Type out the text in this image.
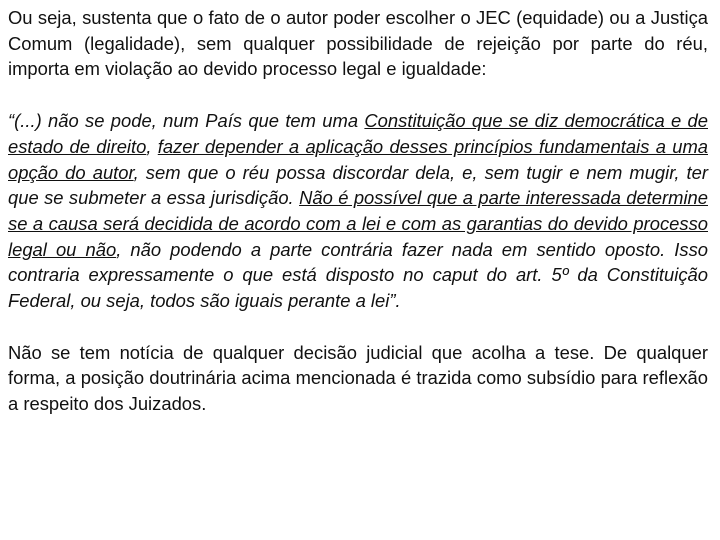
Ou seja, sustenta que o fato de o autor poder escolher o JEC (equidade) ou a Justiça Comum (legalidade), sem qualquer possibilidade de rejeição por parte do réu, importa em violação ao devido processo legal e igualdade:

“(...) não se pode, num País que tem uma Constituição que se diz democrática e de estado de direito, fazer depender a aplicação desses princípios fundamentais a uma opção do autor, sem que o réu possa discordar dela, e, sem tugir e nem mugir, ter que se submeter a essa jurisdição. Não é possível que a parte interessada determine se a causa será decidida de acordo com a lei e com as garantias do devido processo legal ou não, não podendo a parte contrária fazer nada em sentido oposto. Isso contraria expressamente o que está disposto no caput do art. 5º da Constituição Federal, ou seja, todos são iguais perante a lei”.

Não se tem notícia de qualquer decisão judicial que acolha a tese. De qualquer forma, a posição doutrinária acima mencionada é trazida como subsídio para reflexão a respeito dos Juizados.
